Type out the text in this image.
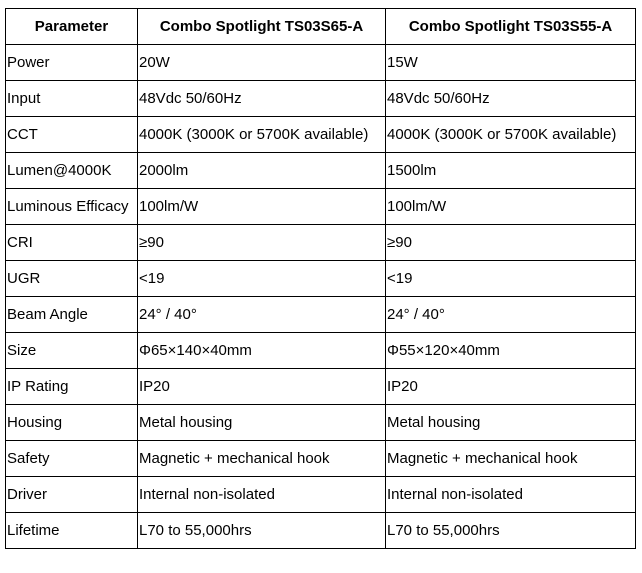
Parameter	Combo Spotlight TS03S65-A	Combo Spotlight TS03S55-A
Power	20W	15W
Input	48Vdc 50/60Hz	48Vdc 50/60Hz
CCT	4000K (3000K or 5700K available)	4000K (3000K or 5700K available)
Lumen@4000K	2000lm	1500lm
Luminous Efficacy	100lm/W	100lm/W
CRI	≥90	≥90
UGR	<19	<19
Beam Angle	24° / 40°	24° / 40°
Size	Φ65×140×40mm	Φ55×120×40mm
IP Rating	IP20	IP20
Housing	Metal housing	Metal housing
Safety	Magnetic + mechanical hook	Magnetic + mechanical hook
Driver	Internal non-isolated	Internal non-isolated
Lifetime	L70 to 55,000hrs	L70 to 55,000hrs
